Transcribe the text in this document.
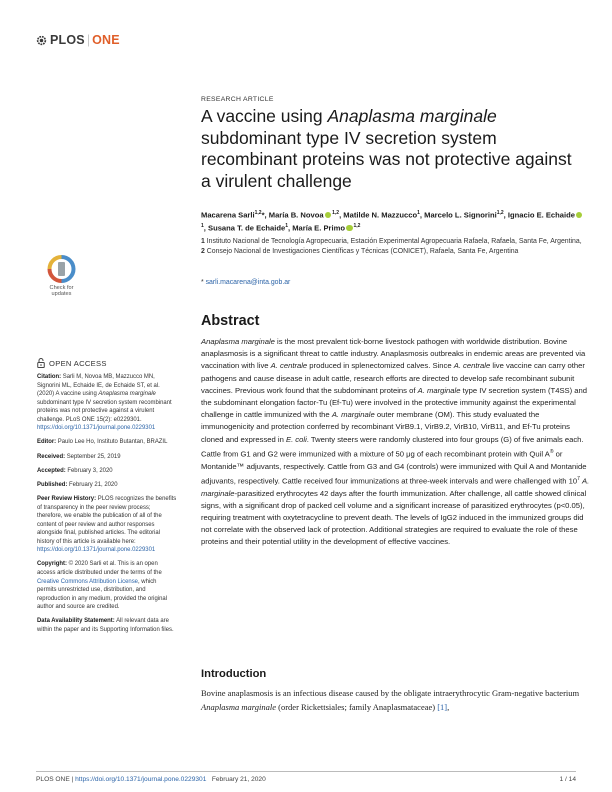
PLOS | ONE
RESEARCH ARTICLE
A vaccine using Anaplasma marginale subdominant type IV secretion system recombinant proteins was not protective against a virulent challenge
Macarena Sarli$^{1,2}$*, María B. Novoa $^{1,2}$, Matilde N. Mazzucco$^1$, Marcelo L. Signorini$^{1,2}$, Ignacio E. Echaide$^1$, Susana T. de Echaide$^1$, María E. Primo $^{1,2}$
1 Instituto Nacional de Tecnología Agropecuaria, Estación Experimental Agropecuaria Rafaela, Rafaela, Santa Fe, Argentina, 2 Consejo Nacional de Investigaciones Científicas y Técnicas (CONICET), Rafaela, Santa Fe, Argentina
* sarli.macarena@inta.gob.ar
Check for
updates
OPEN ACCESS

Citation: Sarli M, Novoa MB, Mazzucco MN, Signorini ML, Echaide IE, de Echaide ST, et al. (2020) A vaccine using Anaplasma marginale subdominant type IV secretion system recombinant proteins was not protective against a virulent challenge. PLoS ONE 15(2): e0229301. https://doi.org/10.1371/journal.pone.0229301

Editor: Paulo Lee Ho, Instituto Butantan, BRAZIL

Received: September 25, 2019

Accepted: February 3, 2020

Published: February 21, 2020

Peer Review History: PLOS recognizes the benefits of transparency in the peer review process; therefore, we enable the publication of all of the content of peer review and author responses alongside final, published articles. The editorial history of this article is available here: https://doi.org/10.1371/journal.pone.0229301

Copyright: © 2020 Sarli et al. This is an open access article distributed under the terms of the Creative Commons Attribution License, which permits unrestricted use, distribution, and reproduction in any medium, provided the original author and source are credited.

Data Availability Statement: All relevant data are within the paper and its Supporting Information files.

Abstract
Anaplasma marginale is the most prevalent tick-borne livestock pathogen with worldwide distribution. Bovine anaplasmosis is a significant threat to cattle industry. Anaplasmosis outbreaks in endemic areas are prevented via vaccination with live A. centrale produced in splenectomized calves. Since A. centrale live vaccine can carry other pathogens and cause disease in adult cattle, research efforts are directed to develop safe recombinant subunit vaccines. Previous work found that the subdominant proteins of A. marginale type IV secretion system (T4SS) and the subdominant elongation factor-Tu (Ef-Tu) were involved in the protective immunity against the experimental challenge in cattle immunized with the A. marginale outer membrane (OM). This study evaluated the immunogenicity and protection conferred by recombinant VirB9.1, VirB9.2, VirB10, VirB11, and Ef-Tu proteins cloned and expressed in E. coli. Twenty steers were randomly clustered into four groups (G) of five animals each. Cattle from G1 and G2 were immunized with a mixture of 50 μg of each recombinant protein with Quil A® or Montanide™ adjuvants, respectively. Cattle from G3 and G4 (controls) were immunized with Quil A and Montanide adjuvants, respectively. Cattle received four immunizations at three-week intervals and were challenged with $10^7$ A. marginale-parasitized erythrocytes 42 days after the fourth immunization. After challenge, all cattle showed clinical signs, with a significant drop of packed cell volume and a significant increase of parasitized erythrocytes (p<0.05), requiring treatment with oxytetracycline to prevent death. The levels of IgG2 induced in the immunized groups did not correlate with the observed lack of protection. Additional strategies are required to evaluate the role of these proteins and their potential utility in the development of effective vaccines.
Introduction
Bovine anaplasmosis is an infectious disease caused by the obligate intraerythrocytic Gram-negative bacterium Anaplasma marginale (order Rickettsiales; family Anaplasmataceae) [1],
PLOS ONE | https://doi.org/10.1371/journal.pone.0229301   February 21, 2020	1 / 14
